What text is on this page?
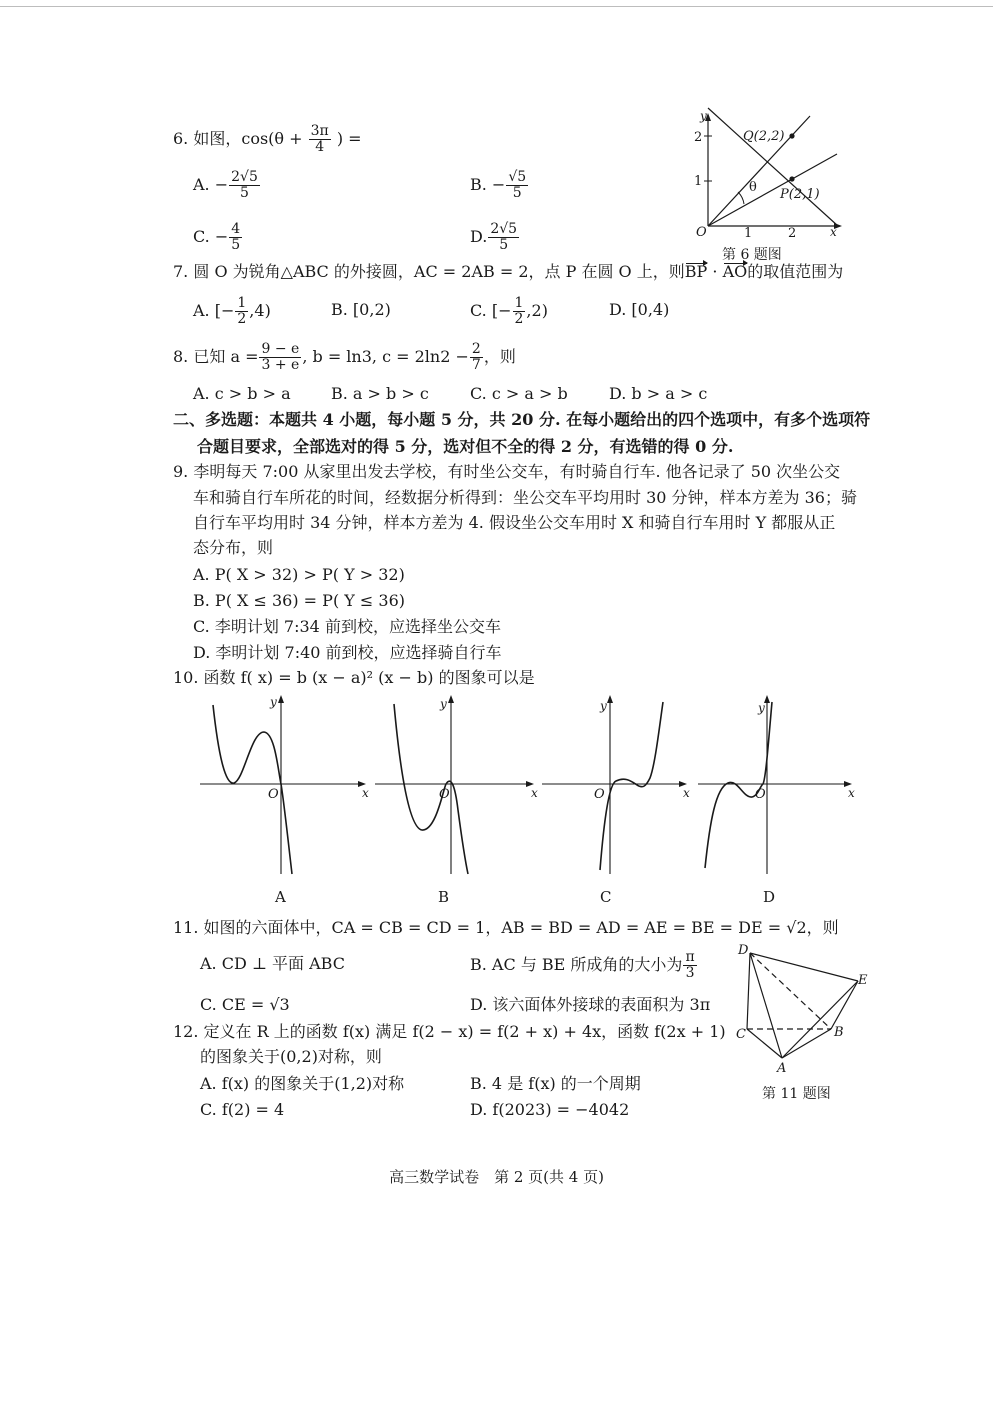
6. 如图，$\cos(\theta + \frac{3\pi}{4}$ ) =
A. − $\frac{2√5}{5}$	B. − $\frac{√5}{5}$
C. − $\frac{4}{5}$	D. $\frac{2√5}{5}$
y
x
O	1	2
1
2	Q(2,2)
P(2,1)
θ
第 6 题图
7. 圆 O 为锐角△ABC 的外接圆，AC = 2AB = 2，点 P 在圆 O 上，则BP · AO的取值范围为
A. [− $\frac{1}{2} ,4$)	B. [0,2)	C. [− $\frac{1}{2} ,2$)	D. [0,4)
8. 已知 $a = \frac{9 - e}{3 + e}$ , b = ln3, $c = 2\ln 2 - \frac{2}{7}$ ，则
A. c > b > a	B. a > b > c	C. c > a > b	D. b > a > c
二、多选题：本题共 4 小题，每小题 5 分，共 20 分. 在每小题给出的四个选项中，有多个选项符
合题目要求，全部选对的得 5 分，选对但不全的得 2 分，有选错的得 0 分.
9. 李明每天 7:00 从家里出发去学校，有时坐公交车，有时骑自行车. 他各记录了 50 次坐公交
车和骑自行车所花的时间，经数据分析得到：坐公交车平均用时 30 分钟，样本方差为 36；骑
自行车平均用时 34 分钟，样本方差为 4. 假设坐公交车用时 X 和骑自行车用时 Y 都服从正
态分布，则
A. P( X > 32) > P( Y > 32)
B. P( X ≤ 36) = P( Y ≤ 36)
C. 李明计划 7:34 前到校，应选择坐公交车
D. 李明计划 7:40 前到校，应选择骑自行车
10. 函数 f( x) = b (x − a)² (x − b) 的图象可以是
y
x
O
A
y
x
O
B
y
x
O
C
y
x
O
D
11. 如图的六面体中，CA = CB = CD = 1，AB = BD = AD = AE = BE = DE = √2，则
A. CD ⊥ 平面 ABC	B. AC 与 BE 所成角的大小为 $\frac{\pi}{3}$
C. CE = √3	D. 该六面体外接球的表面积为 3π
D
E
C	B
A
第 11 题图
12. 定义在 R 上的函数 f(x) 满足 f(2 − x) = f(2 + x) + 4x，函数 f(2x + 1)
的图象关于(0,2)对称，则
A. f(x) 的图象关于(1,2)对称	B. 4 是 f(x) 的一个周期
C. f(2) = 4	D. f(2023) = −4042
高三数学试卷　第 2 页(共 4 页)
